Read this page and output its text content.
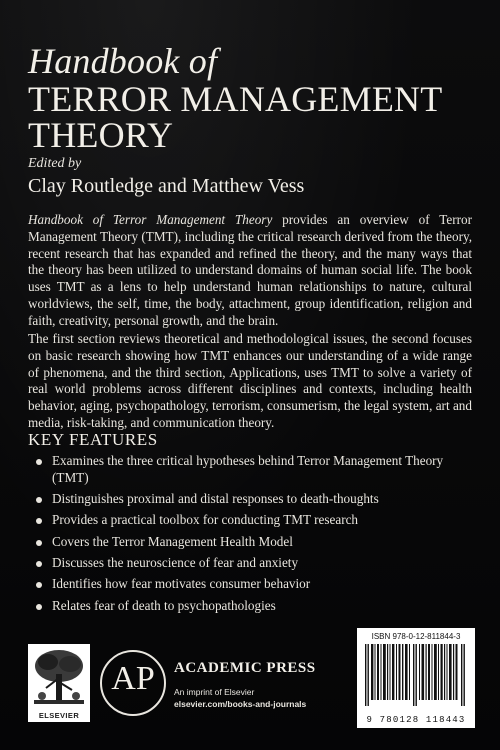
Handbook of
TERROR MANAGEMENT
THEORY
Edited by
Clay Routledge and Matthew Vess

Handbook of Terror Management Theory provides an overview of Terror Management Theory (TMT), including the critical research derived from the theory, recent research that has expanded and refined the theory, and the many ways that the theory has been utilized to understand domains of human social life. The book uses TMT as a lens to help understand human relationships to nature, cultural worldviews, the self, time, the body, attachment, group identification, religion and faith, creativity, personal growth, and the brain.

The first section reviews theoretical and methodological issues, the second focuses on basic research showing how TMT enhances our understanding of a wide range of phenomena, and the third section, Applications, uses TMT to solve a variety of real world problems across different disciplines and contexts, including health behavior, aging, psychopathology, terrorism, consumerism, the legal system, art and media, risk-taking, and communication theory.

KEY FEATURES
Examines the three critical hypotheses behind Terror Management Theory (TMT)
Distinguishes proximal and distal responses to death-thoughts
Provides a practical toolbox for conducting TMT research
Covers the Terror Management Health Model
Discusses the neuroscience of fear and anxiety
Identifies how fear motivates consumer behavior
Relates fear of death to psychopathologies
ELSEVIER
AP	ACADEMIC PRESS
An imprint of Elsevier
elsevier.com/books-and-journals
ISBN 978-0-12-811844-3
9 780128 118443
